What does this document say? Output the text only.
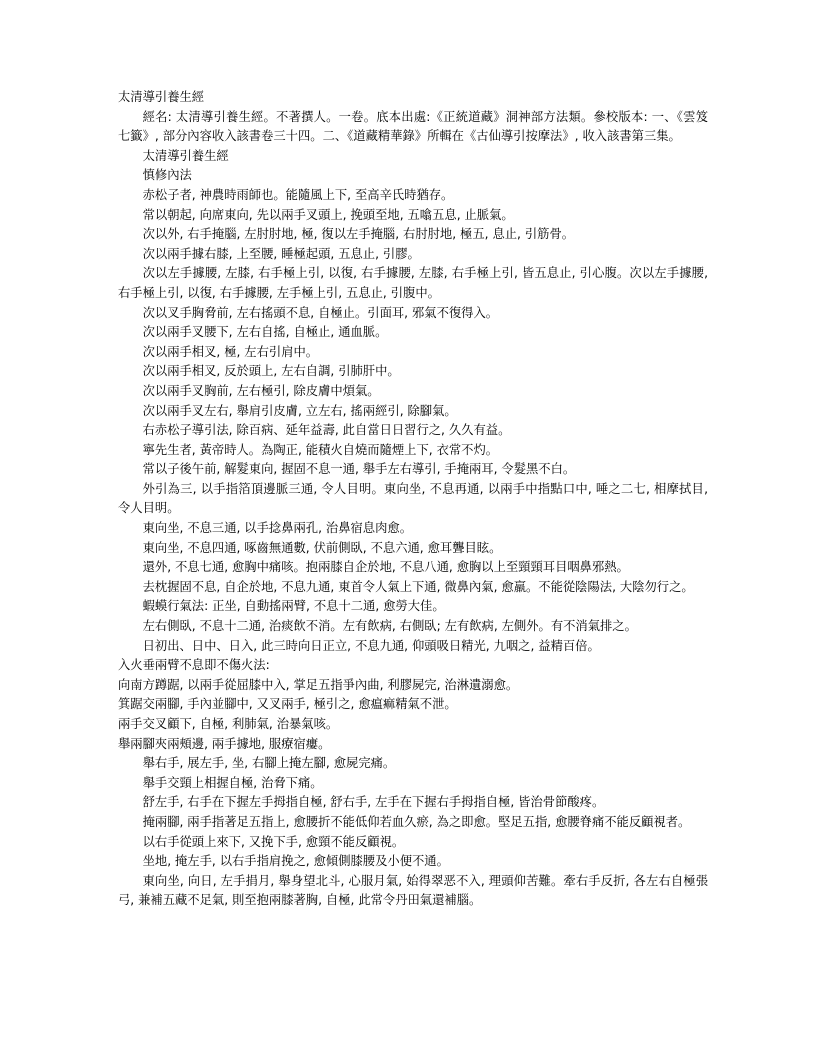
太清導引養生經

經名: 太清導引養生經。不著撰人。一卷。底本出處:《正統道藏》洞神部方法類。參校版本: 一、《雲笈七籤》, 部分內容收入該書卷三十四。二、《道藏精華錄》所輯在《古仙導引按摩法》, 收入該書第三集。

太清導引養生經

慎修內法

赤松子者, 神農時雨師也。能隨風上下, 至高辛氏時猶存。

常以朝起, 向席東向, 先以兩手叉頭上, 挽頭至地, 五噏五息, 止脈氣。

次以外, 右手掩腦, 左肘肘地, 極, 復以左手掩腦, 右肘肘地, 極五, 息止, 引筋骨。

次以兩手據右膝, 上至腰, 睡極起頭, 五息止, 引膠。

次以左手據腰, 左膝, 右手極上引, 以復, 右手據腰, 左膝, 右手極上引, 皆五息止, 引心腹。次以左手據腰, 右手極上引, 以復, 右手據腰, 左手極上引, 五息止, 引腹中。

次以叉手胸脅前, 左右搖頭不息, 自極止。引面耳, 邪氣不復得入。

次以兩手叉腰下, 左右自搖, 自極止, 通血脈。

次以兩手相叉, 極, 左右引肩中。

次以兩手相叉, 反於頭上, 左右自調, 引肺肝中。

次以兩手叉胸前, 左右極引, 除皮膚中煩氣。

次以兩手叉左右, 舉肩引皮膚, 立左右, 搖兩經引, 除腳氣。

右赤松子導引法, 除百病、延年益壽, 此自當日日習行之, 久久有益。

寧先生者, 黃帝時人。為陶正, 能積火自燒而隨煙上下, 衣常不灼。

常以子後午前, 解髮東向, 握固不息一通, 舉手左右導引, 手掩兩耳, 令髮黑不白。

外引為三, 以手指箔頂邊脈三通, 令人目明。東向坐, 不息再通, 以兩手中指點口中, 唾之二七, 相摩拭目, 令人目明。

東向坐, 不息三通, 以手捻鼻兩孔, 治鼻宿息肉愈。

東向坐, 不息四通, 啄齒無通數, 伏前側臥, 不息六通, 愈耳聾目眩。

還外, 不息七通, 愈胸中痛咳。抱兩膝自企於地, 不息八通, 愈胸以上至頸頸耳目咽鼻邪熱。

去枕握固不息, 自企於地, 不息九通, 東首令人氣上下通, 微鼻內氣, 愈羸。不能從陰陽法, 大陰勿行之。

蝦蟆行氣法: 正坐, 自動搖兩臂, 不息十二通, 愈勞大佳。

左右側臥, 不息十二通, 治痰飲不消。左有飲病, 右側臥; 左有飲病, 左側外。有不消氣排之。

日初出、日中、日入, 此三時向日正立, 不息九通, 仰頭吸日精光, 九咽之, 益精百倍。

入火垂兩臂不息即不傷火法:

向南方蹲踞, 以兩手從屈膝中入, 掌足五指爭內曲, 利膠屍完, 治淋遺溺愈。

箕踞交兩腳, 手內並腳中, 又叉兩手, 極引之, 愈瘟痲精氣不泄。

兩手交叉顧下, 自極, 利肺氣, 治暴氣咳。

舉兩腳夾兩頰邊, 兩手據地, 服療宿瘻。

舉右手, 展左手, 坐, 右腳上掩左腳, 愈屍完痛。

舉手交頸上相握自極, 治脅下痛。

舒左手, 右手在下握左手拇指自極, 舒右手, 左手在下握右手拇指自極, 皆治骨節酸疼。

掩兩腳, 兩手指著足五指上, 愈腰折不能低仰若血久瘀, 為之即愈。堅足五指, 愈腰脊痛不能反顧視者。

以右手從頭上來下, 又挽下手, 愈頸不能反顧視。

坐地, 掩左手, 以右手指肩挽之, 愈傾側膝腰及小便不通。

東向坐, 向日, 左手捐月, 舉身望北斗, 心服月氣, 始得翠恶不入, 理頭仰苦難。牽右手反折, 各左右自極張弓, 兼補五藏不足氣, 則至抱兩膝著胸, 自極, 此常令丹田氣還補腦。
